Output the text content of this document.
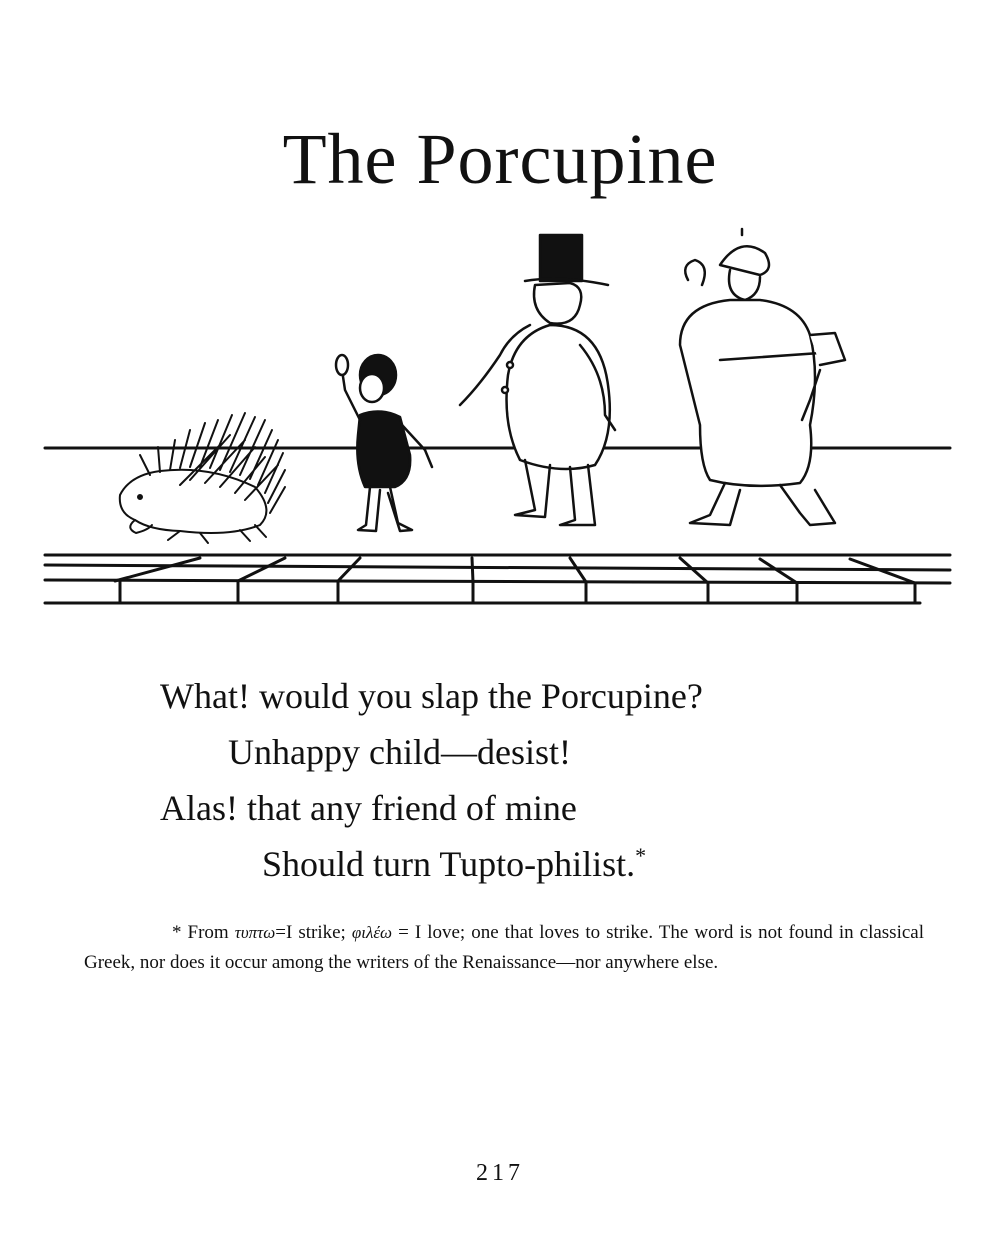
The Porcupine
What! would you slap the Porcupine?
Unhappy child—desist!
Alas! that any friend of mine
Should turn Tupto-philist.*
* From τυπτω=I strike; φιλέω = I love; one that loves to strike. The word is not found in classical Greek, nor does it occur among the writers of the Renaissance—nor anywhere else.
217
